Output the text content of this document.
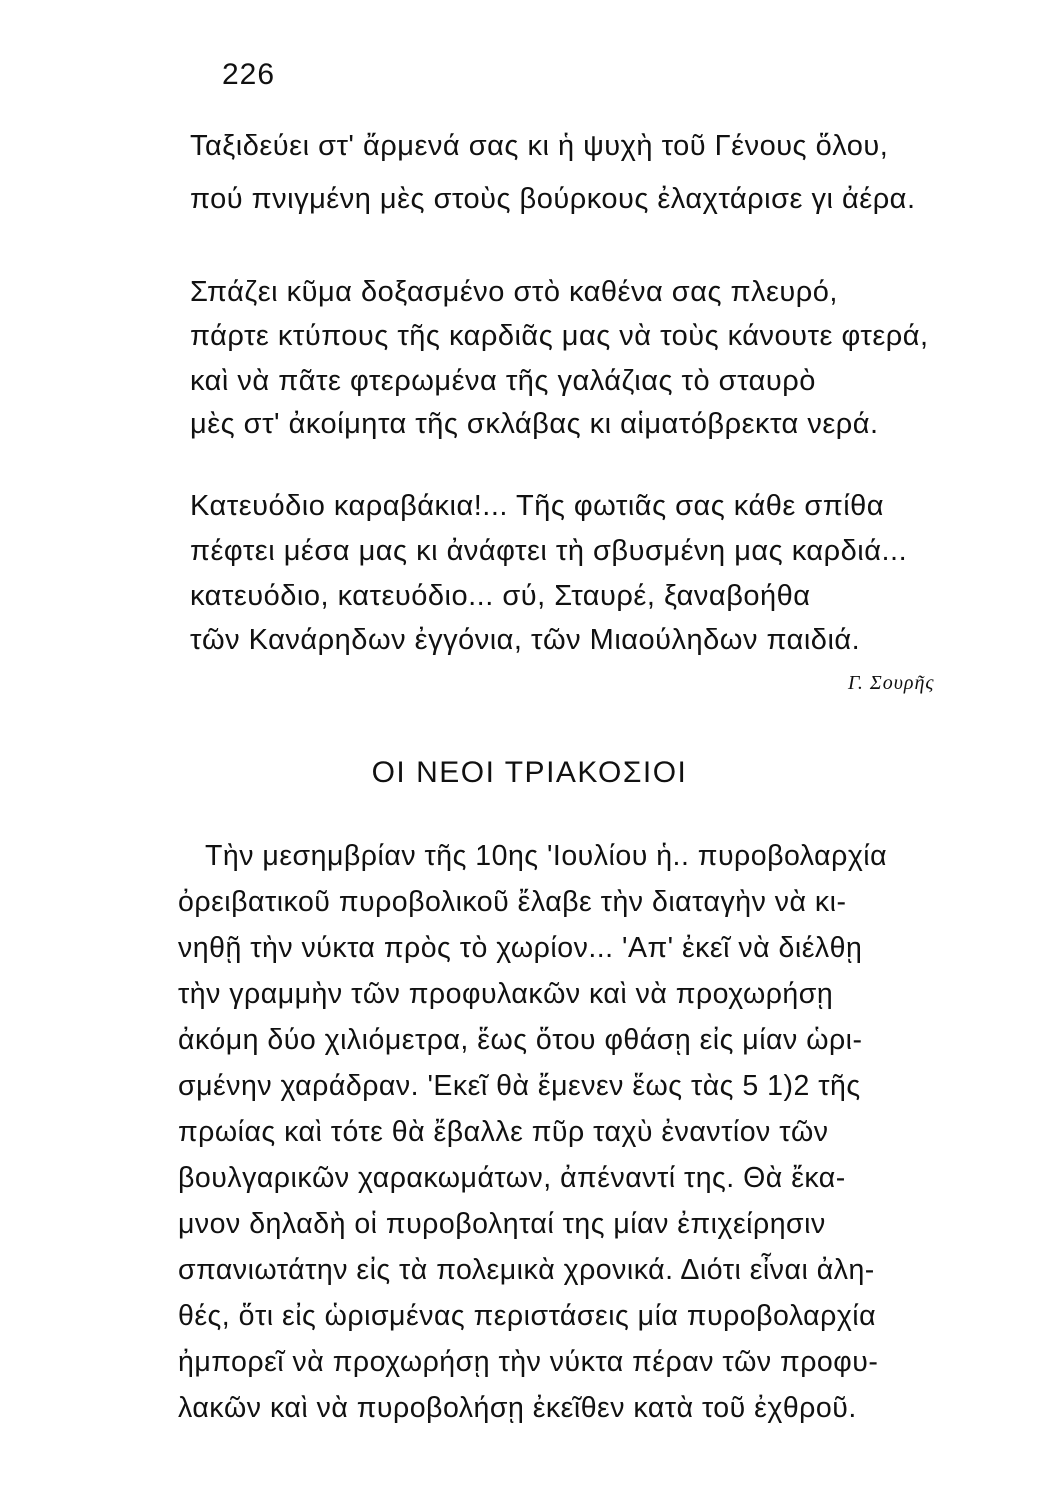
226
Ταξιδεύει στ' ἄρμενά σας κι ἡ ψυχὴ τοῦ Γένους ὅλου,
πού πνιγμένη μὲς στοὺς βούρκους ἐλαχτάρισε γι ἀέρα.
Σπάζει κῦμα δοξασμένο στὸ καθένα σας πλευρό,
πάρτε κτύπους τῆς καρδιᾶς μας νὰ τοὺς κάνουτε φτερά,
καὶ νὰ πᾶτε φτερωμένα τῆς γαλάζιας τὸ σταυρὸ
μὲς στ' ἀκοίμητα τῆς σκλάβας κι αἱματόβρεκτα νερά.
Κατευόδιο καραβάκια!... Τῆς φωτιᾶς σας κάθε σπίθα
πέφτει μέσα μας κι ἀνάφτει τὴ σβυσμένη μας καρδιά...
κατευόδιο, κατευόδιο... σύ, Σταυρέ, ξαναβοήθα
τῶν Κανάρηδων ἐγγόνια, τῶν Μιαούληδων παιδιά.
Γ. Σουρῆς
ΟΙ ΝΕΟΙ ΤΡΙΑΚΟΣΙΟΙ
Τὴν μεσημβρίαν τῆς 10ης 'Ιουλίου ἡ.. πυροβολαρχία
ὀρειβατικοῦ πυροβολικοῦ ἔλαβε τὴν διαταγὴν νὰ κι-
νηθῇ τὴν νύκτα πρὸς τὸ χωρίον... 'Απ' ἐκεῖ νὰ διέλθῃ
τὴν γραμμὴν τῶν προφυλακῶν καὶ νὰ προχωρήσῃ
ἀκόμη δύο χιλιόμετρα, ἕως ὅτου φθάσῃ εἰς μίαν ὡρι-
σμένην χαράδραν. 'Εκεῖ θὰ ἔμενεν ἕως τὰς 5 1)2 τῆς
πρωίας καὶ τότε θὰ ἔβαλλε πῦρ ταχὺ ἐναντίον τῶν
βουλγαρικῶν χαρακωμάτων, ἀπέναντί της. Θὰ ἔκα-
μνον δηλαδὴ οἱ πυροβοληταί της μίαν ἐπιχείρησιν
σπανιωτάτην εἰς τὰ πολεμικὰ χρονικά. Διότι εἶναι ἀλη-
θές, ὅτι εἰς ὡρισμένας περιστάσεις μία πυροβολαρχία
ἠμπορεῖ νὰ προχωρήσῃ τὴν νύκτα πέραν τῶν προφυ-
λακῶν καὶ νὰ πυροβολήσῃ ἐκεῖθεν κατὰ τοῦ ἐχθροῦ.
